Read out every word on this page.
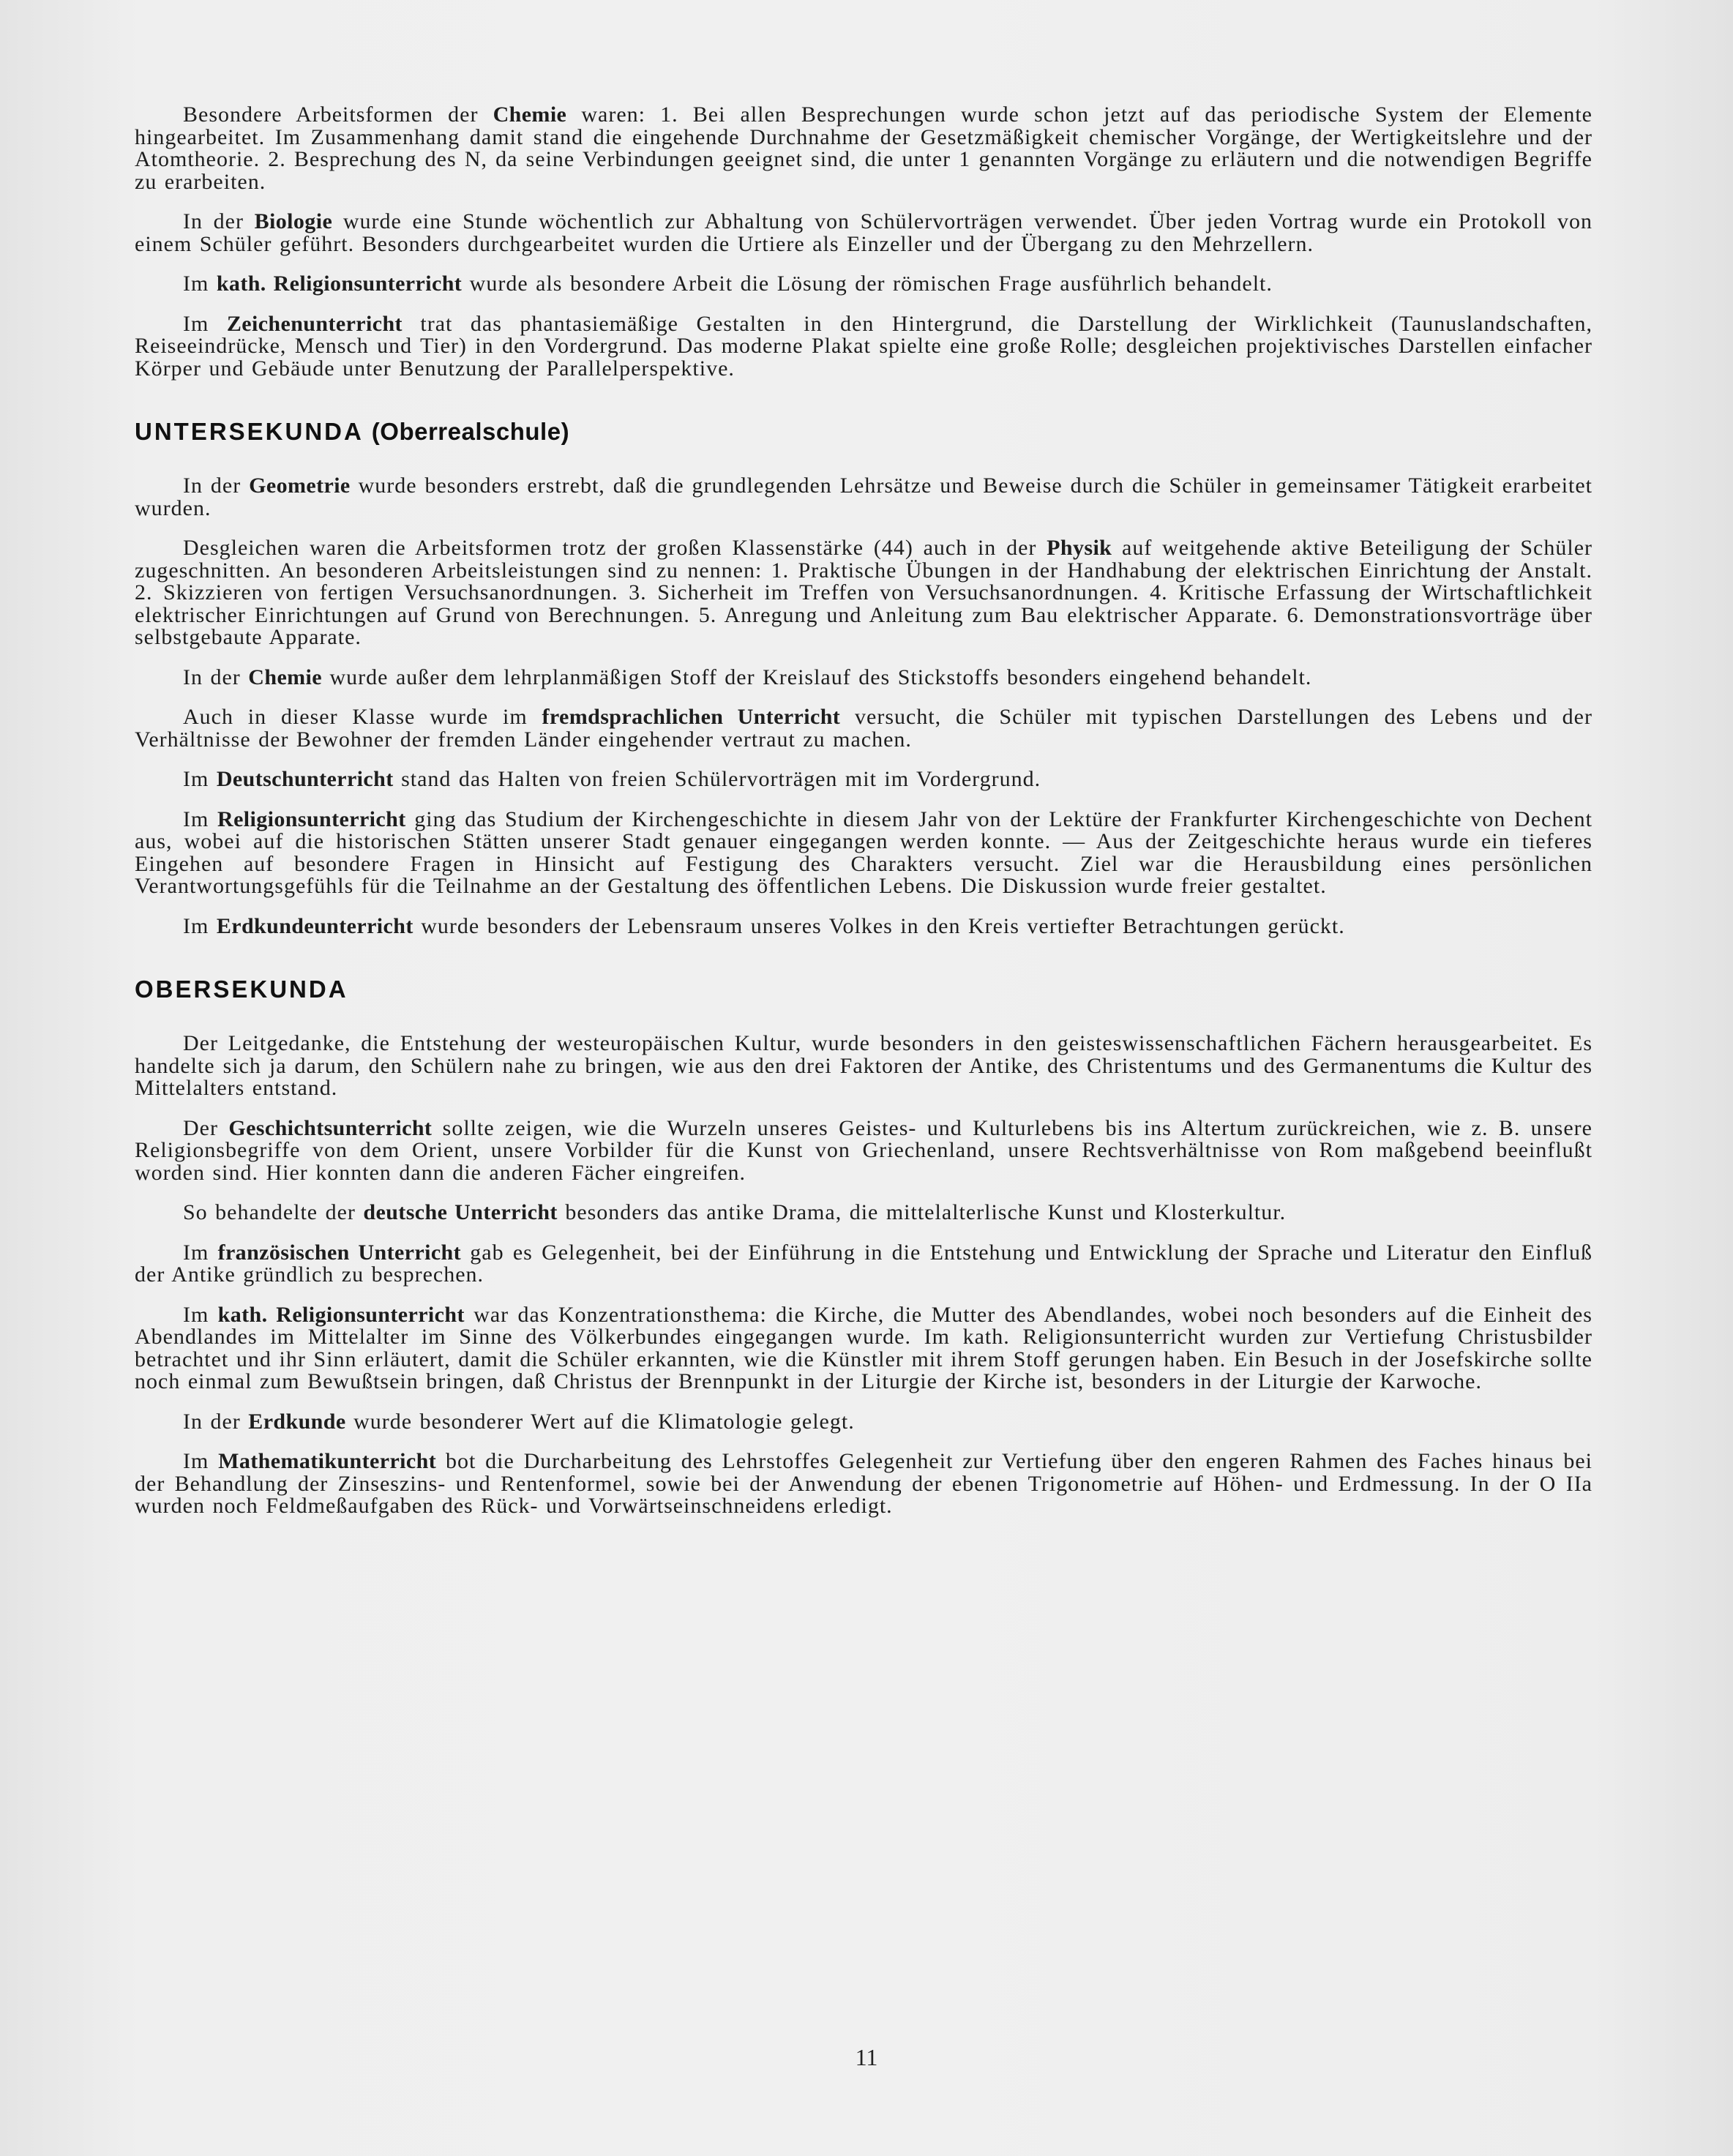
Besondere Arbeitsformen der Chemie waren: 1. Bei allen Besprechungen wurde schon jetzt auf das periodische System der Elemente hingearbeitet. Im Zusammenhang damit stand die eingehende Durchnahme der Gesetzmäßigkeit chemischer Vorgänge, der Wertigkeitslehre und der Atomtheorie. 2. Besprechung des N, da seine Verbindungen geeignet sind, die unter 1 genannten Vorgänge zu erläutern und die notwendigen Begriffe zu erarbeiten.

In der Biologie wurde eine Stunde wöchentlich zur Abhaltung von Schülervorträgen verwendet. Über jeden Vortrag wurde ein Protokoll von einem Schüler geführt. Besonders durchgearbeitet wurden die Urtiere als Einzeller und der Übergang zu den Mehrzellern.

Im kath. Religionsunterricht wurde als besondere Arbeit die Lösung der römischen Frage ausführlich behandelt.

Im Zeichenunterricht trat das phantasiemäßige Gestalten in den Hintergrund, die Darstellung der Wirklichkeit (Taunuslandschaften, Reiseeindrücke, Mensch und Tier) in den Vordergrund. Das moderne Plakat spielte eine große Rolle; desgleichen projektivisches Darstellen einfacher Körper und Gebäude unter Benutzung der Parallelperspektive.

UNTERSEKUNDA (Oberrealschule)

In der Geometrie wurde besonders erstrebt, daß die grundlegenden Lehrsätze und Beweise durch die Schüler in gemeinsamer Tätigkeit erarbeitet wurden.

Desgleichen waren die Arbeitsformen trotz der großen Klassenstärke (44) auch in der Physik auf weitgehende aktive Beteiligung der Schüler zugeschnitten. An besonderen Arbeitsleistungen sind zu nennen: 1. Praktische Übungen in der Handhabung der elektrischen Einrichtung der Anstalt. 2. Skizzieren von fertigen Versuchsanordnungen. 3. Sicherheit im Treffen von Versuchsanordnungen. 4. Kritische Erfassung der Wirtschaftlichkeit elektrischer Einrichtungen auf Grund von Berechnungen. 5. Anregung und Anleitung zum Bau elektrischer Apparate. 6. Demonstrationsvorträge über selbstgebaute Apparate.

In der Chemie wurde außer dem lehrplanmäßigen Stoff der Kreislauf des Stickstoffs besonders eingehend behandelt.

Auch in dieser Klasse wurde im fremdsprachlichen Unterricht versucht, die Schüler mit typischen Darstellungen des Lebens und der Verhältnisse der Bewohner der fremden Länder eingehender vertraut zu machen.

Im Deutschunterricht stand das Halten von freien Schülervorträgen mit im Vordergrund.

Im Religionsunterricht ging das Studium der Kirchengeschichte in diesem Jahr von der Lektüre der Frankfurter Kirchengeschichte von Dechent aus, wobei auf die historischen Stätten unserer Stadt genauer eingegangen werden konnte. — Aus der Zeitgeschichte heraus wurde ein tieferes Eingehen auf besondere Fragen in Hinsicht auf Festigung des Charakters versucht. Ziel war die Herausbildung eines persönlichen Verantwortungsgefühls für die Teilnahme an der Gestaltung des öffentlichen Lebens. Die Diskussion wurde freier gestaltet.

Im Erdkundeunterricht wurde besonders der Lebensraum unseres Volkes in den Kreis vertiefter Betrachtungen gerückt.

OBERSEKUNDA

Der Leitgedanke, die Entstehung der westeuropäischen Kultur, wurde besonders in den geisteswissenschaftlichen Fächern herausgearbeitet. Es handelte sich ja darum, den Schülern nahe zu bringen, wie aus den drei Faktoren der Antike, des Christentums und des Germanentums die Kultur des Mittelalters entstand.

Der Geschichtsunterricht sollte zeigen, wie die Wurzeln unseres Geistes- und Kulturlebens bis ins Altertum zurückreichen, wie z. B. unsere Religionsbegriffe von dem Orient, unsere Vorbilder für die Kunst von Griechenland, unsere Rechtsverhältnisse von Rom maßgebend beeinflußt worden sind. Hier konnten dann die anderen Fächer eingreifen.

So behandelte der deutsche Unterricht besonders das antike Drama, die mittelalterlische Kunst und Klosterkultur.

Im französischen Unterricht gab es Gelegenheit, bei der Einführung in die Entstehung und Entwicklung der Sprache und Literatur den Einfluß der Antike gründlich zu besprechen.

Im kath. Religionsunterricht war das Konzentrationsthema: die Kirche, die Mutter des Abendlandes, wobei noch besonders auf die Einheit des Abendlandes im Mittelalter im Sinne des Völkerbundes eingegangen wurde. Im kath. Religionsunterricht wurden zur Vertiefung Christusbilder betrachtet und ihr Sinn erläutert, damit die Schüler erkannten, wie die Künstler mit ihrem Stoff gerungen haben. Ein Besuch in der Josefskirche sollte noch einmal zum Bewußtsein bringen, daß Christus der Brennpunkt in der Liturgie der Kirche ist, besonders in der Liturgie der Karwoche.

In der Erdkunde wurde besonderer Wert auf die Klimatologie gelegt.

Im Mathematikunterricht bot die Durcharbeitung des Lehrstoffes Gelegenheit zur Vertiefung über den engeren Rahmen des Faches hinaus bei der Behandlung der Zinseszins- und Rentenformel, sowie bei der Anwendung der ebenen Trigonometrie auf Höhen- und Erdmessung. In der O IIa wurden noch Feldmeßaufgaben des Rück- und Vorwärtseinschneidens erledigt.

11
